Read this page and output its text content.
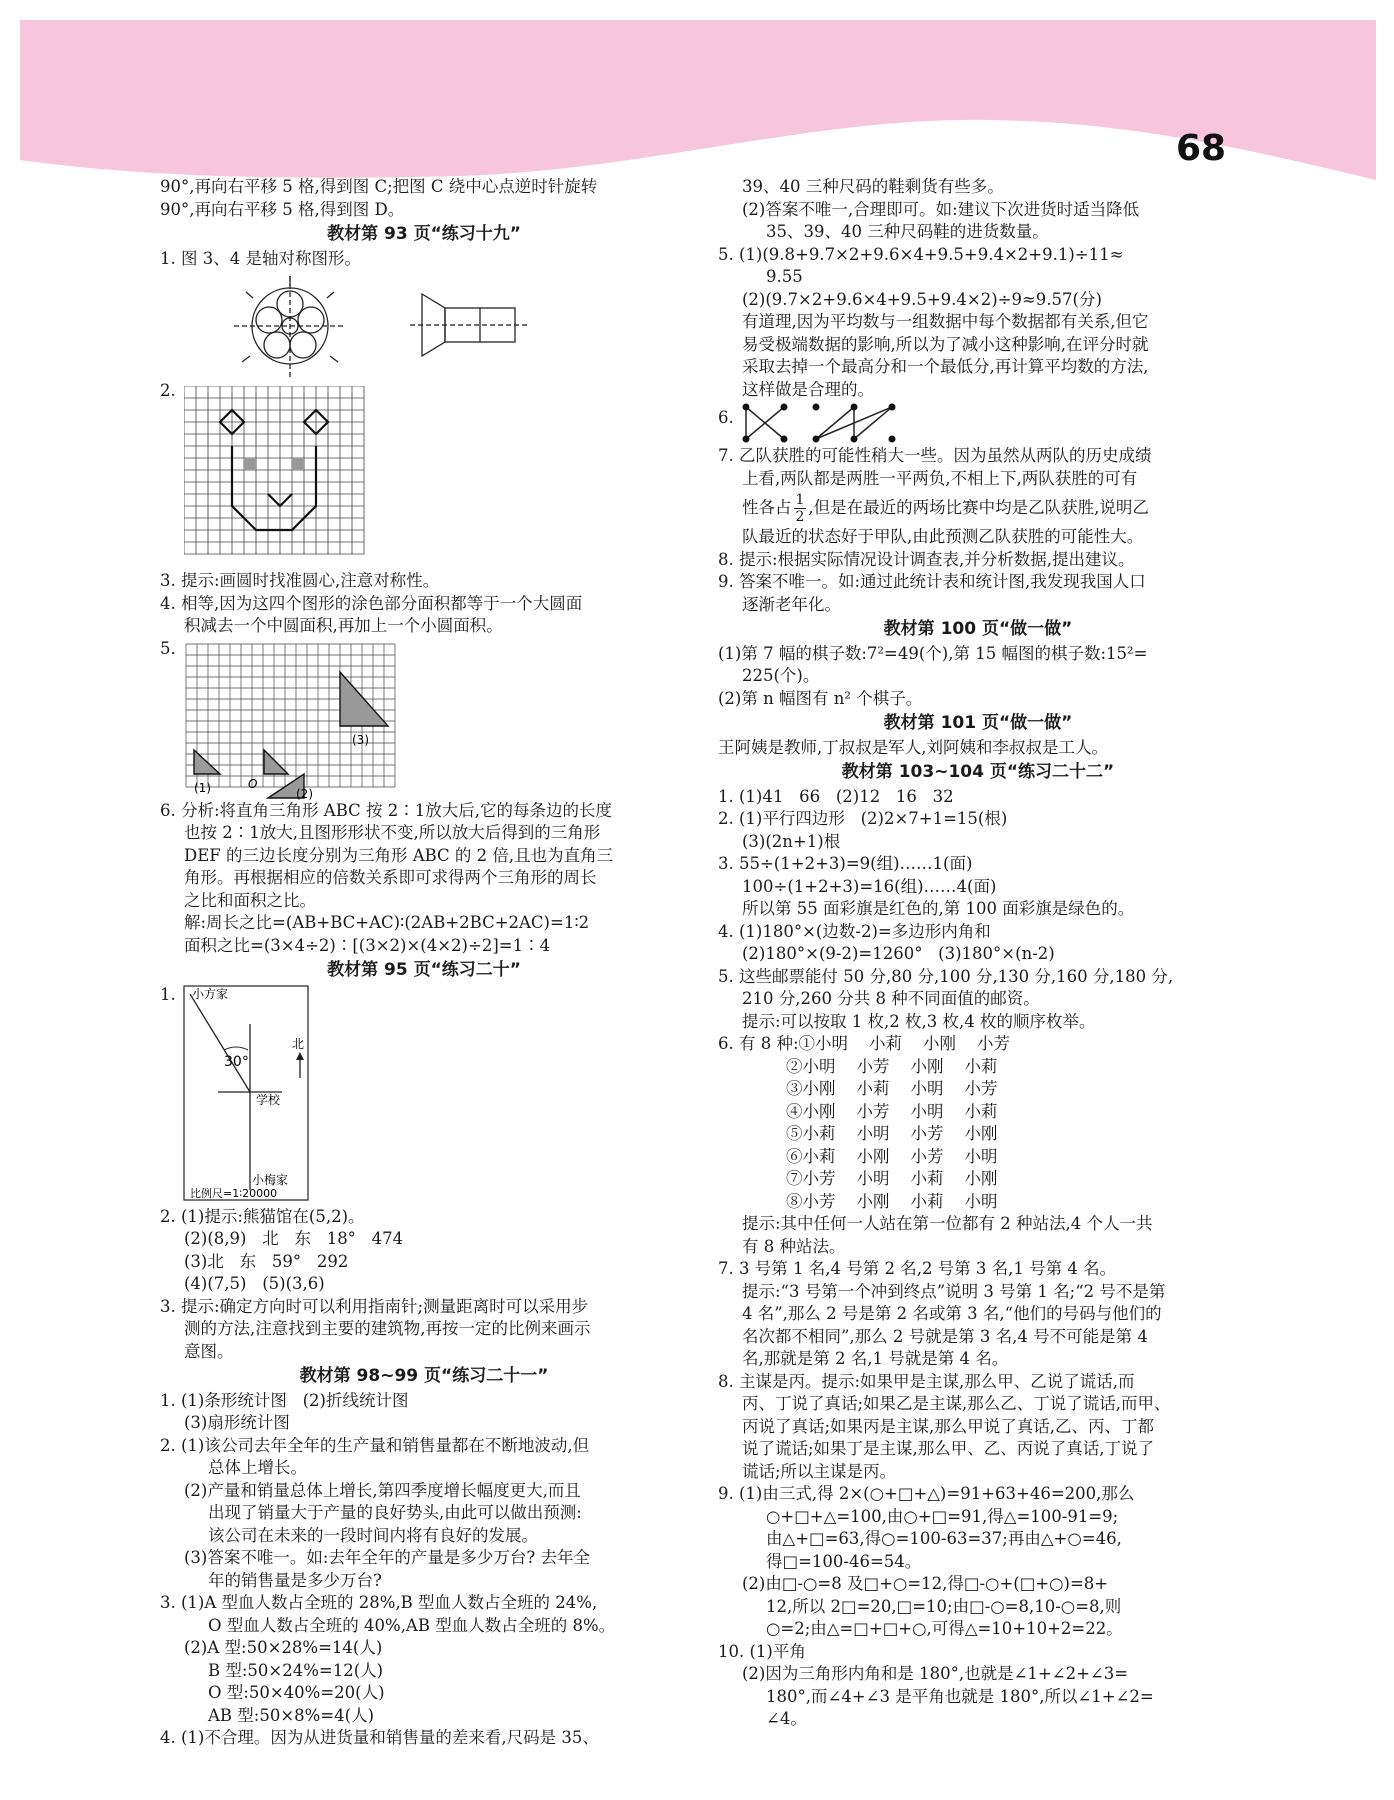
68

90°,再向右平移 5 格,得到图 C;把图 C 绕中心点逆时针旋转

90°,再向右平移 5 格,得到图 D。

教材第 93 页“练习十九”

1. 图 3、4 是轴对称图形。

2.

3. 提示:画圆时找准圆心,注意对称性。

4. 相等,因为这四个图形的涂色部分面积都等于一个大圆面

积减去一个中圆面积,再加上一个小圆面积。

5.

(1)	(2)
(3)
O

6. 分析:将直角三角形 ABC 按 2∶1放大后,它的每条边的长度

也按 2∶1放大,且图形形状不变,所以放大后得到的三角形

DEF 的三边长度分别为三角形 ABC 的 2 倍,且也为直角三

角形。再根据相应的倍数关系即可求得两个三角形的周长

之比和面积之比。

解:周长之比=(AB+BC+AC)∶(2AB+2BC+2AC)=1∶2

面积之比=(3×4÷2)∶[(3×2)×(4×2)÷2]=1∶4

教材第 95 页“练习二十”

1. 小方家
30°
北
学校
小梅家
比例尺=1∶20000

2. (1)提示:熊猫馆在(5,2)。

(2)(8,9)   北   东   18°   474

(3)北   东   59°   292

(4)(7,5)   (5)(3,6)

3. 提示:确定方向时可以利用指南针;测量距离时可以采用步

测的方法,注意找到主要的建筑物,再按一定的比例来画示

意图。

教材第 98~99 页“练习二十一”

1. (1)条形统计图   (2)折线统计图

(3)扇形统计图

2. (1)该公司去年全年的生产量和销售量都在不断地波动,但

总体上增长。

(2)产量和销量总体上增长,第四季度增长幅度更大,而且

出现了销量大于产量的良好势头,由此可以做出预测:

该公司在未来的一段时间内将有良好的发展。

(3)答案不唯一。如:去年全年的产量是多少万台? 去年全

年的销售量是多少万台?

3. (1)A 型血人数占全班的 28%,B 型血人数占全班的 24%,

O 型血人数占全班的 40%,AB 型血人数占全班的 8%。

(2)A 型:50×28%=14(人)

B 型:50×24%=12(人)

O 型:50×40%=20(人)

AB 型:50×8%=4(人)

4. (1)不合理。因为从进货量和销售量的差来看,尺码是 35、

39、40 三种尺码的鞋剩货有些多。

(2)答案不唯一,合理即可。如:建议下次进货时适当降低

35、39、40 三种尺码鞋的进货数量。

5. (1)(9.8+9.7×2+9.6×4+9.5+9.4×2+9.1)÷11≈

9.55

(2)(9.7×2+9.6×4+9.5+9.4×2)÷9≈9.57(分)

有道理,因为平均数与一组数据中每个数据都有关系,但它

易受极端数据的影响,所以为了减小这种影响,在评分时就

采取去掉一个最高分和一个最低分,再计算平均数的方法,

这样做是合理的。

6.

7. 乙队获胜的可能性稍大一些。因为虽然从两队的历史成绩

上看,两队都是两胜一平两负,不相上下,两队获胜的可有

性各占 $\frac{1}{2}$ ,但是在最近的两场比赛中均是乙队获胜,说明乙

队最近的状态好于甲队,由此预测乙队获胜的可能性大。

8. 提示:根据实际情况设计调查表,并分析数据,提出建议。

9. 答案不唯一。如:通过此统计表和统计图,我发现我国人口

逐渐老年化。

教材第 100 页“做一做”

(1)第 7 幅的棋子数:7²=49(个),第 15 幅图的棋子数:15²=

225(个)。

(2)第 n 幅图有 n² 个棋子。

教材第 101 页“做一做”

王阿姨是教师,丁叔叔是军人,刘阿姨和李叔叔是工人。

教材第 103~104 页“练习二十二”

1. (1)41   66   (2)12   16   32

2. (1)平行四边形   (2)2×7+1=15(根)

(3)(2n+1)根

3. 55÷(1+2+3)=9(组)……1(面)

100÷(1+2+3)=16(组)……4(面)

所以第 55 面彩旗是红色的,第 100 面彩旗是绿色的。

4. (1)180°×(边数-2)=多边形内角和

(2)180°×(9-2)=1260°   (3)180°×(n-2)

5. 这些邮票能付 50 分,80 分,100 分,130 分,160 分,180 分,

210 分,260 分共 8 种不同面值的邮资。

提示:可以按取 1 枚,2 枚,3 枚,4 枚的顺序枚举。

6. 有 8 种:①小明    小莉    小刚    小芳

②小明    小芳    小刚    小莉

③小刚    小莉    小明    小芳

④小刚    小芳    小明    小莉

⑤小莉    小明    小芳    小刚

⑥小莉    小刚    小芳    小明

⑦小芳    小明    小莉    小刚

⑧小芳    小刚    小莉    小明

提示:其中任何一人站在第一位都有 2 种站法,4 个人一共

有 8 种站法。

7. 3 号第 1 名,4 号第 2 名,2 号第 3 名,1 号第 4 名。

提示:“3 号第一个冲到终点”说明 3 号第 1 名;“2 号不是第

4 名”,那么 2 号是第 2 名或第 3 名,“他们的号码与他们的

名次都不相同”,那么 2 号就是第 3 名,4 号不可能是第 4

名,那就是第 2 名,1 号就是第 4 名。

8. 主谋是丙。提示:如果甲是主谋,那么甲、乙说了谎话,而

丙、丁说了真话;如果乙是主谋,那么乙、丁说了谎话,而甲、

丙说了真话;如果丙是主谋,那么甲说了真话,乙、丙、丁都

说了谎话;如果丁是主谋,那么甲、乙、丙说了真话,丁说了

谎话;所以主谋是丙。

9. (1)由三式,得 2×(○+□+△)=91+63+46=200,那么

○+□+△=100,由○+□=91,得△=100-91=9;

由△+□=63,得○=100-63=37;再由△+○=46,

得□=100-46=54。

(2)由□-○=8 及□+○=12,得□-○+(□+○)=8+

12,所以 2□=20,□=10;由□-○=8,10-○=8,则

○=2;由△=□+□+○,可得△=10+10+2=22。

10. (1)平角

(2)因为三角形内角和是 180°,也就是∠1+∠2+∠3=

180°,而∠4+∠3 是平角也就是 180°,所以∠1+∠2=

∠4。
